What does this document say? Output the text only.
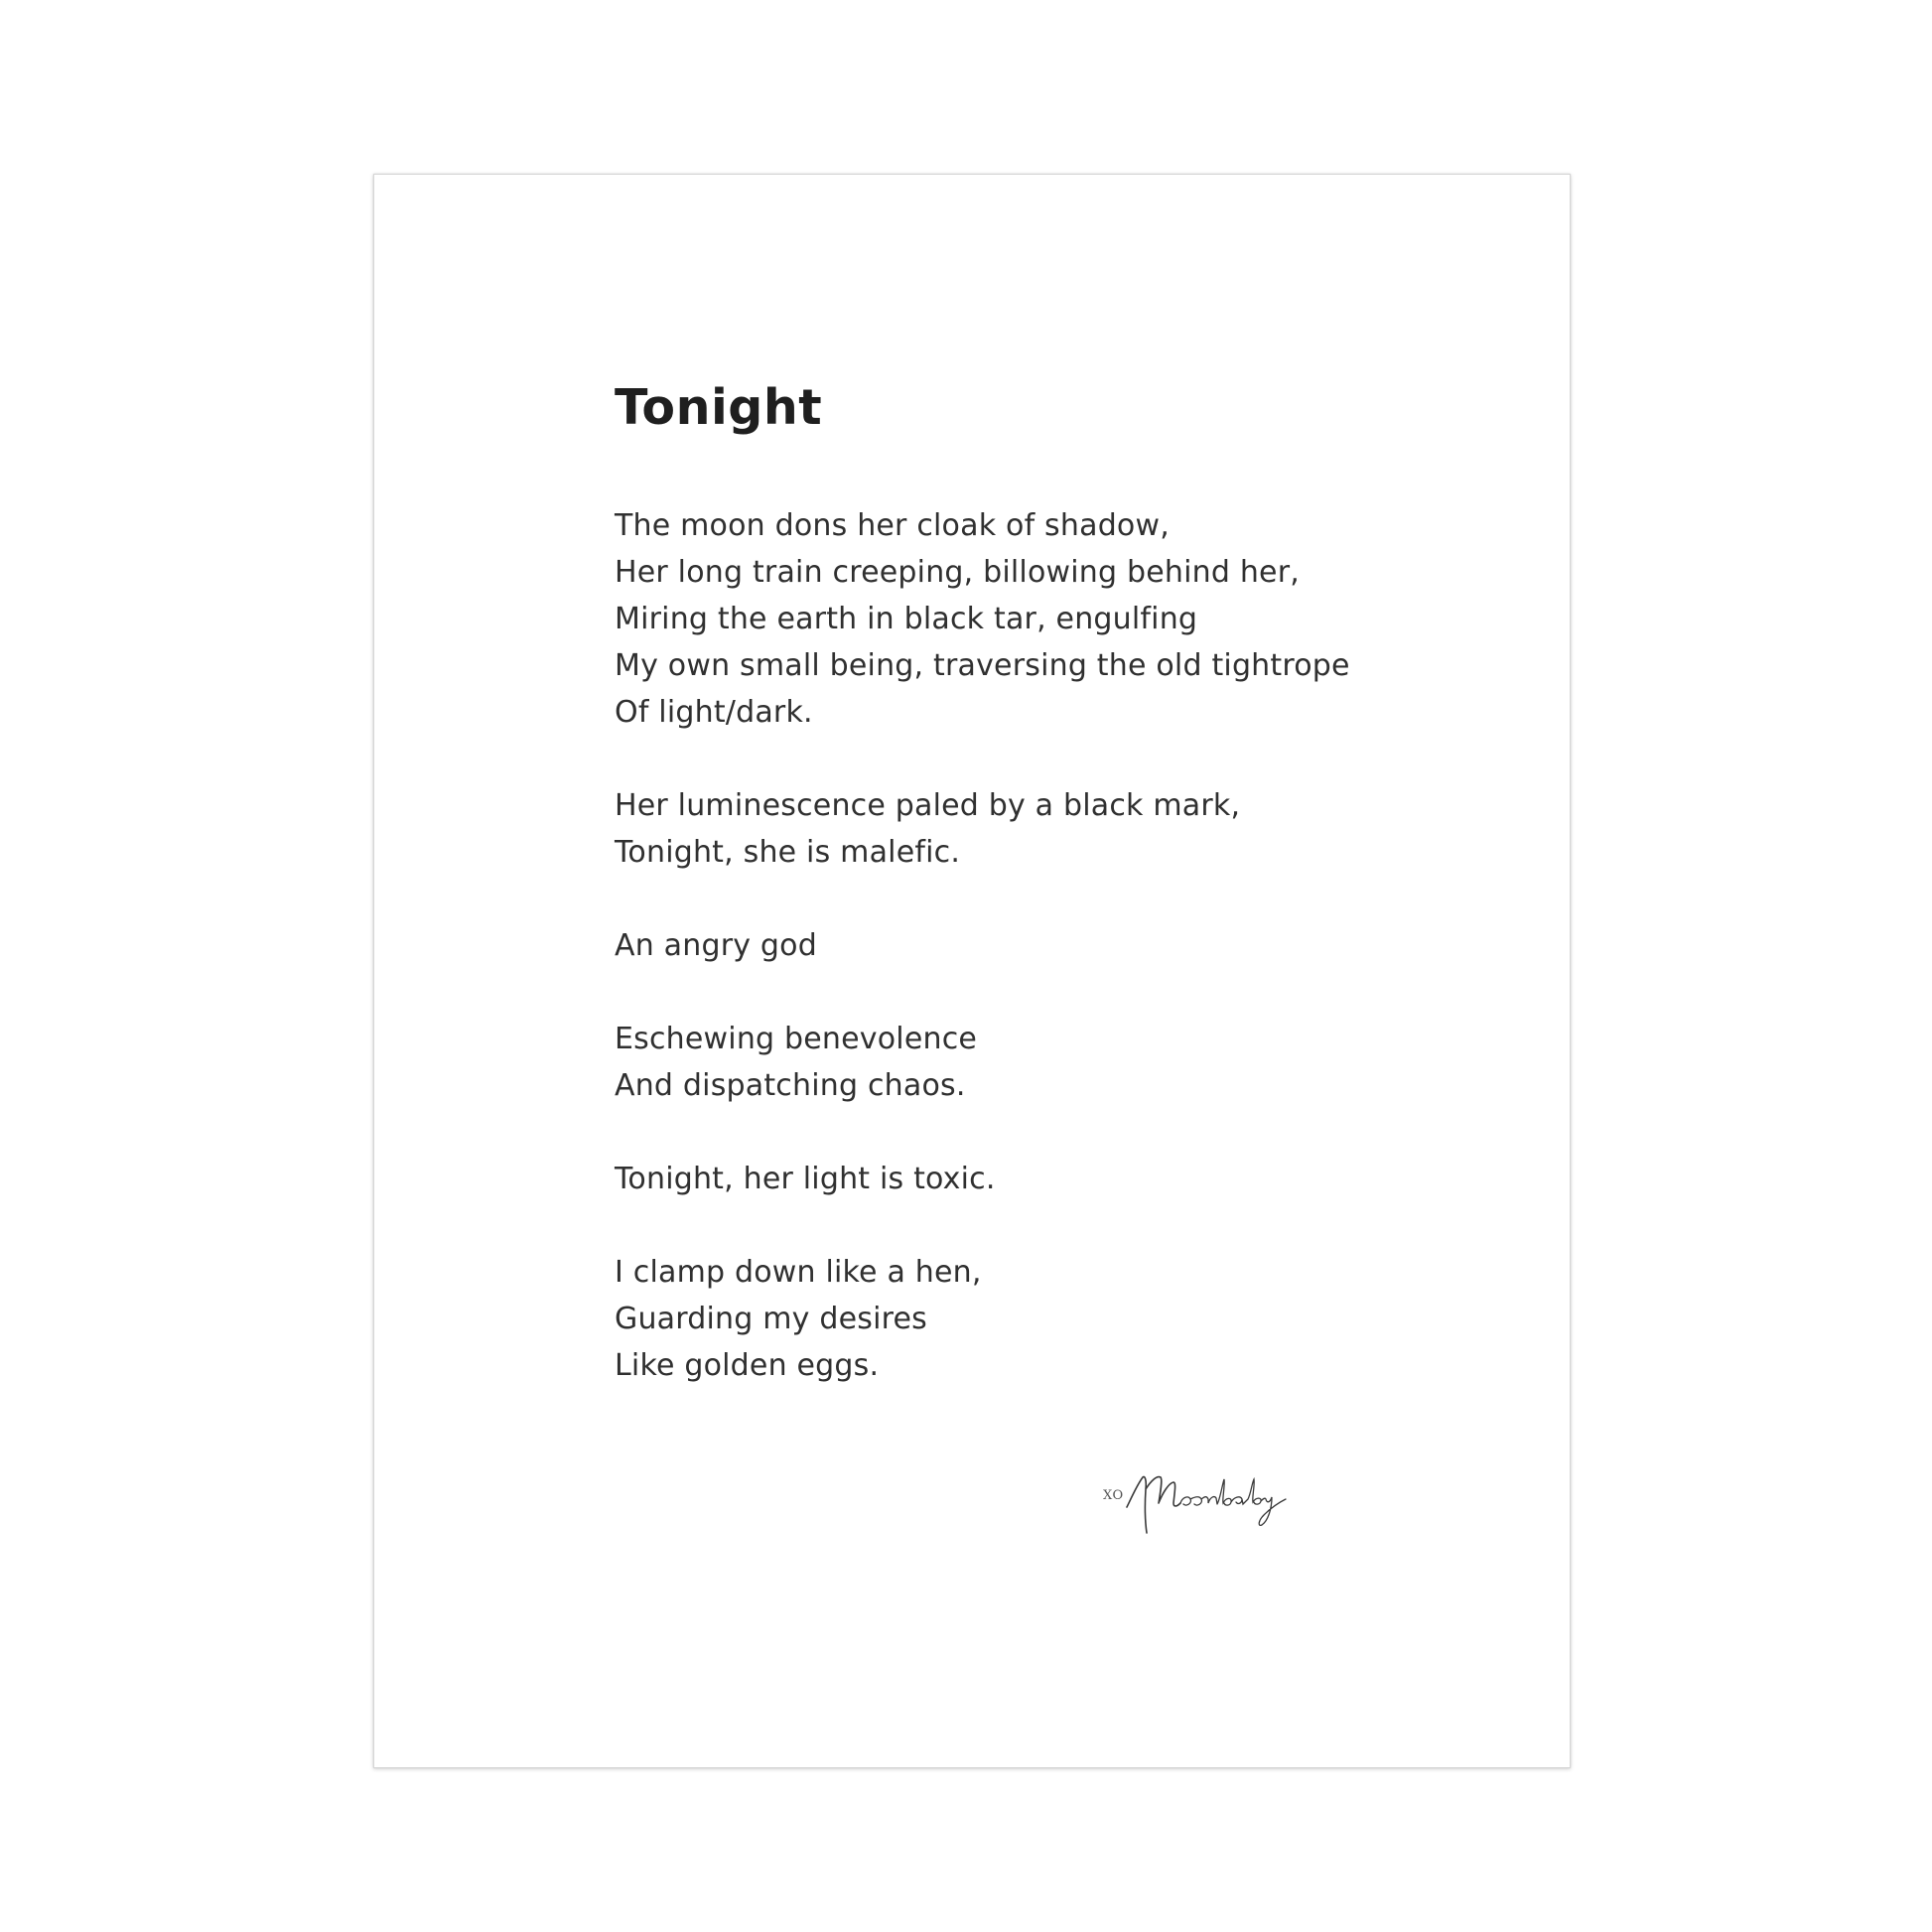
Tonight
The moon dons her cloak of shadow,
Her long train creeping, billowing behind her,
Miring the earth in black tar, engulfing
My own small being, traversing the old tightrope
Of light/dark.
Her luminescence paled by a black mark,
Tonight, she is malefic.
An angry god
Eschewing benevolence
And dispatching chaos.
Tonight, her light is toxic.
I clamp down like a hen,
Guarding my desires
Like golden eggs.
XO
